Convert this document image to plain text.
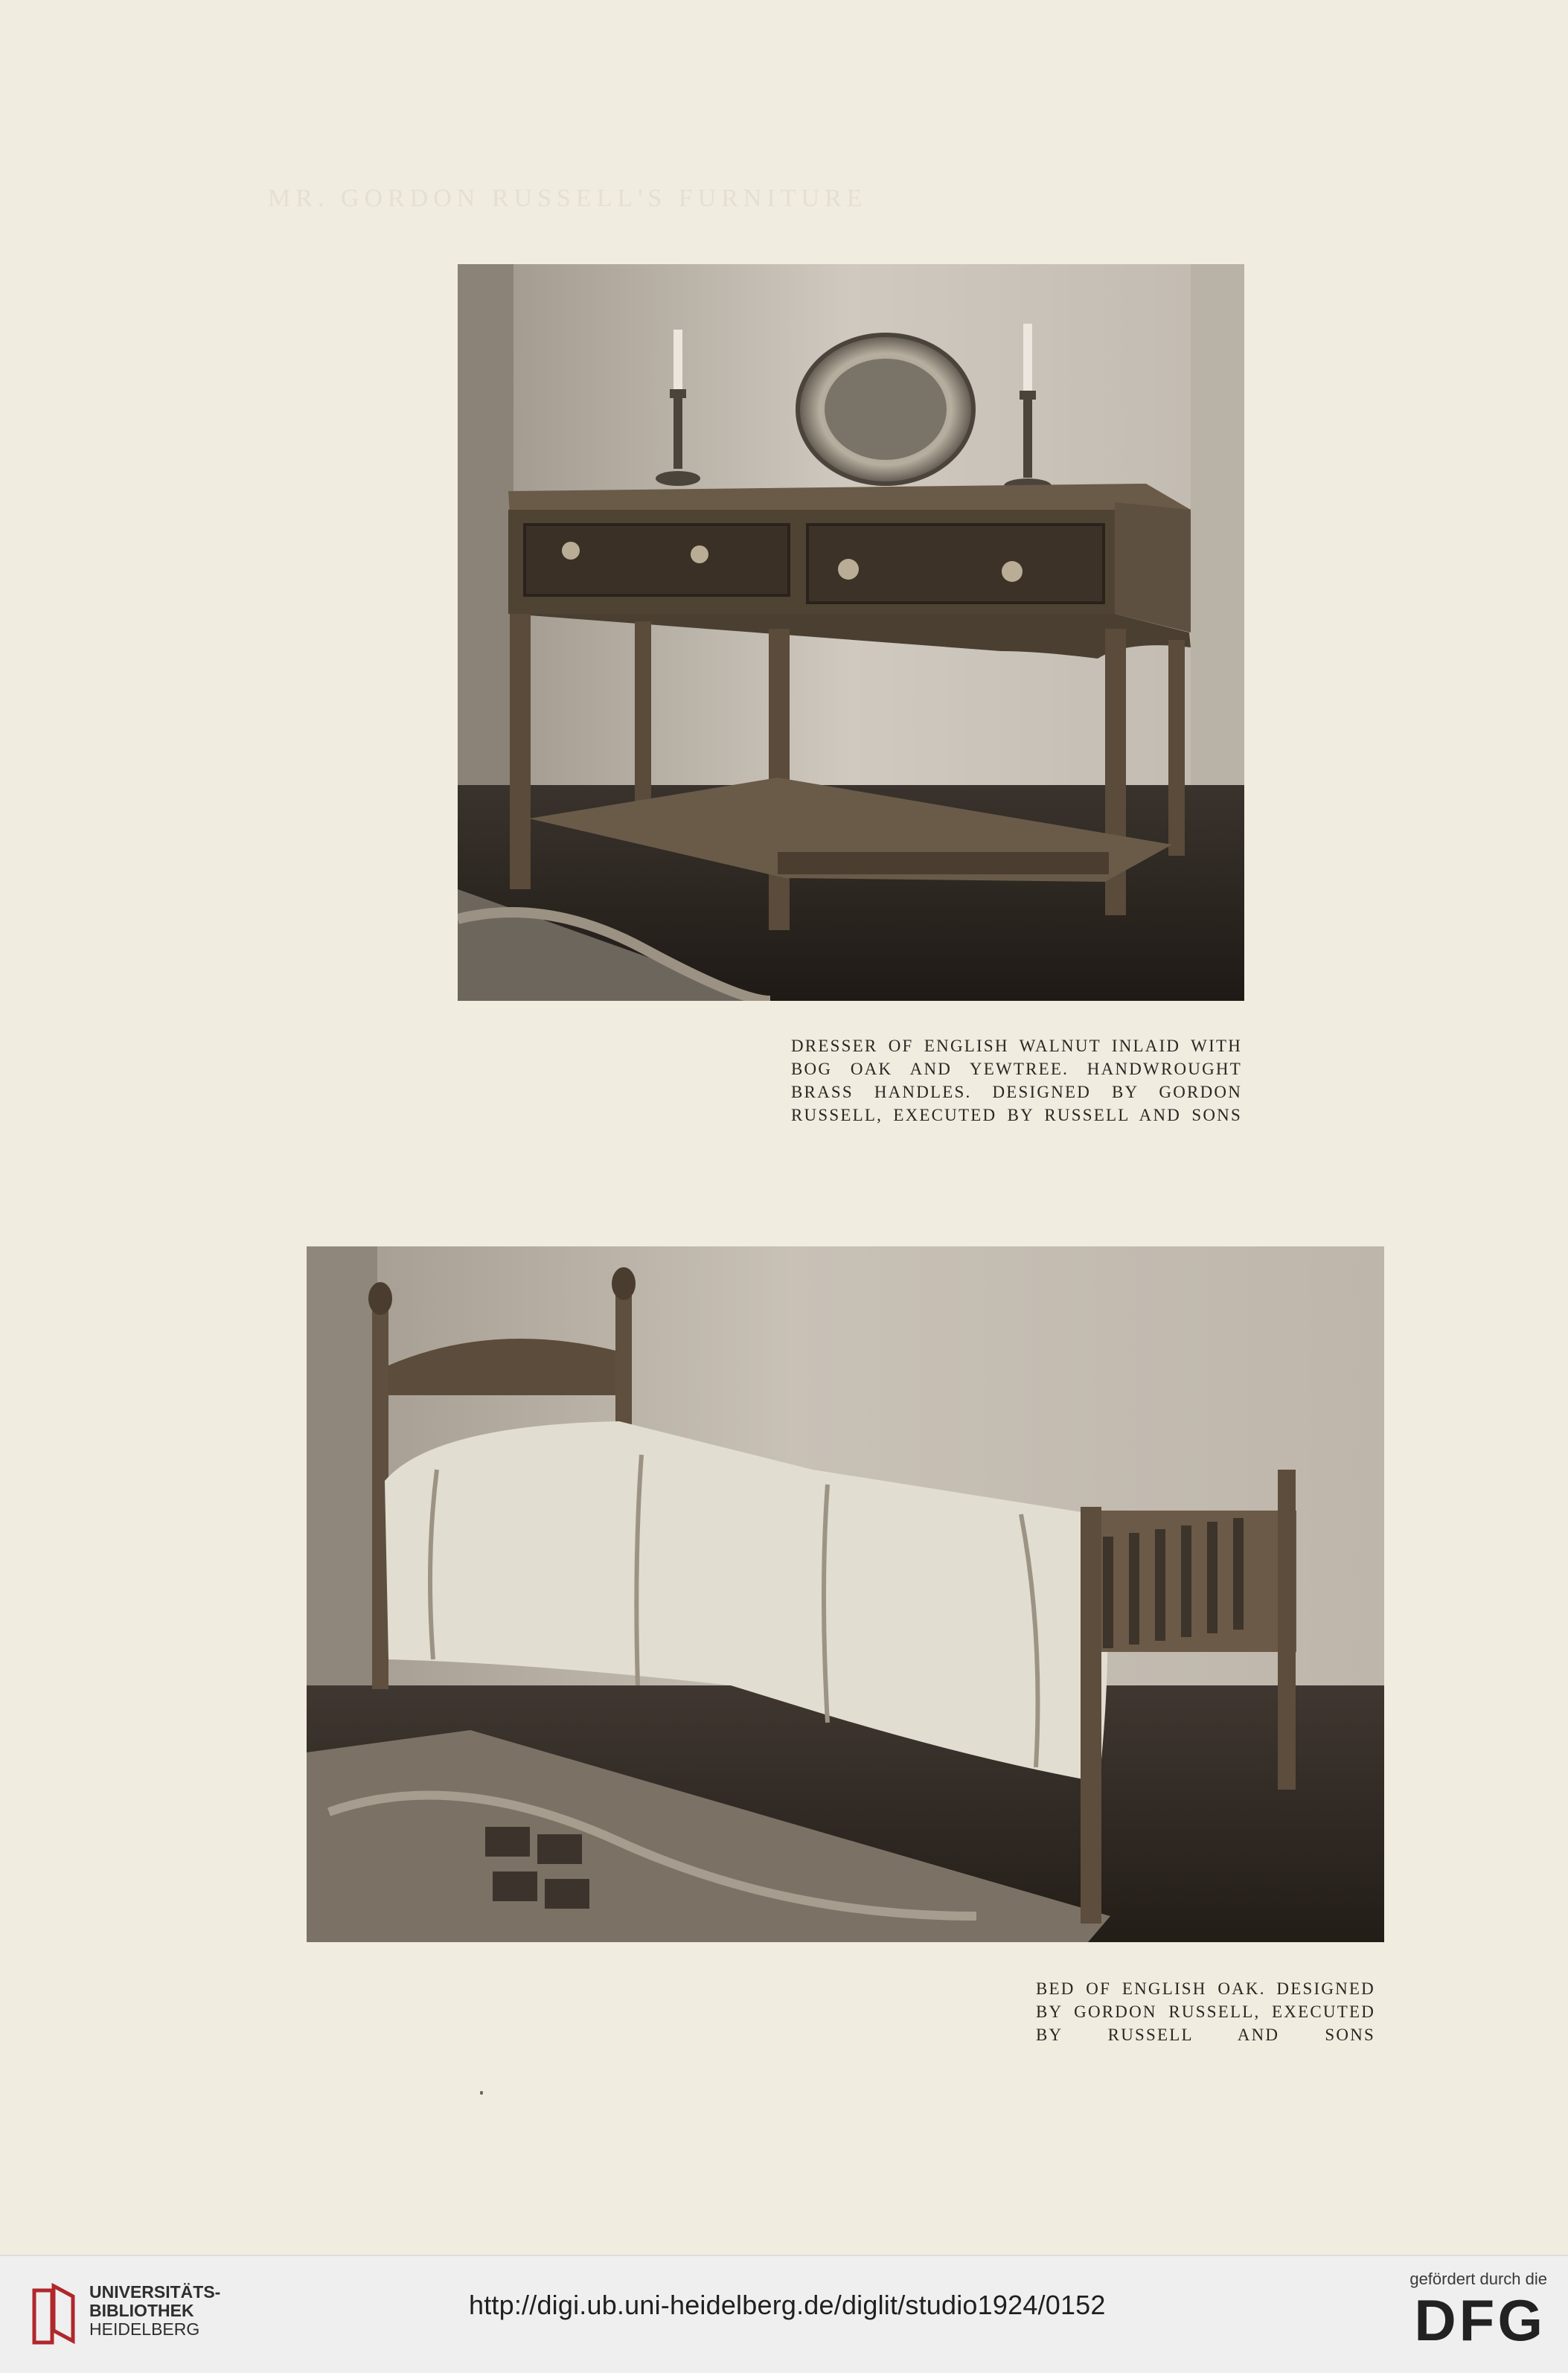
MR. GORDON RUSSELL'S FURNITURE

DRESSER OF ENGLISH WALNUT INLAID WITH
BOG OAK AND YEWTREE. HANDWROUGHT
BRASS HANDLES. DESIGNED BY GORDON
RUSSELL, EXECUTED BY RUSSELL AND SONS

BED OF ENGLISH OAK. DESIGNED
BY GORDON RUSSELL, EXECUTED
BY RUSSELL AND SONS

UNIVERSITÄTS-
BIBLIOTHEK
HEIDELBERG
http://digi.ub.uni-heidelberg.de/diglit/studio1924/0152
gefördert durch die
DFG
